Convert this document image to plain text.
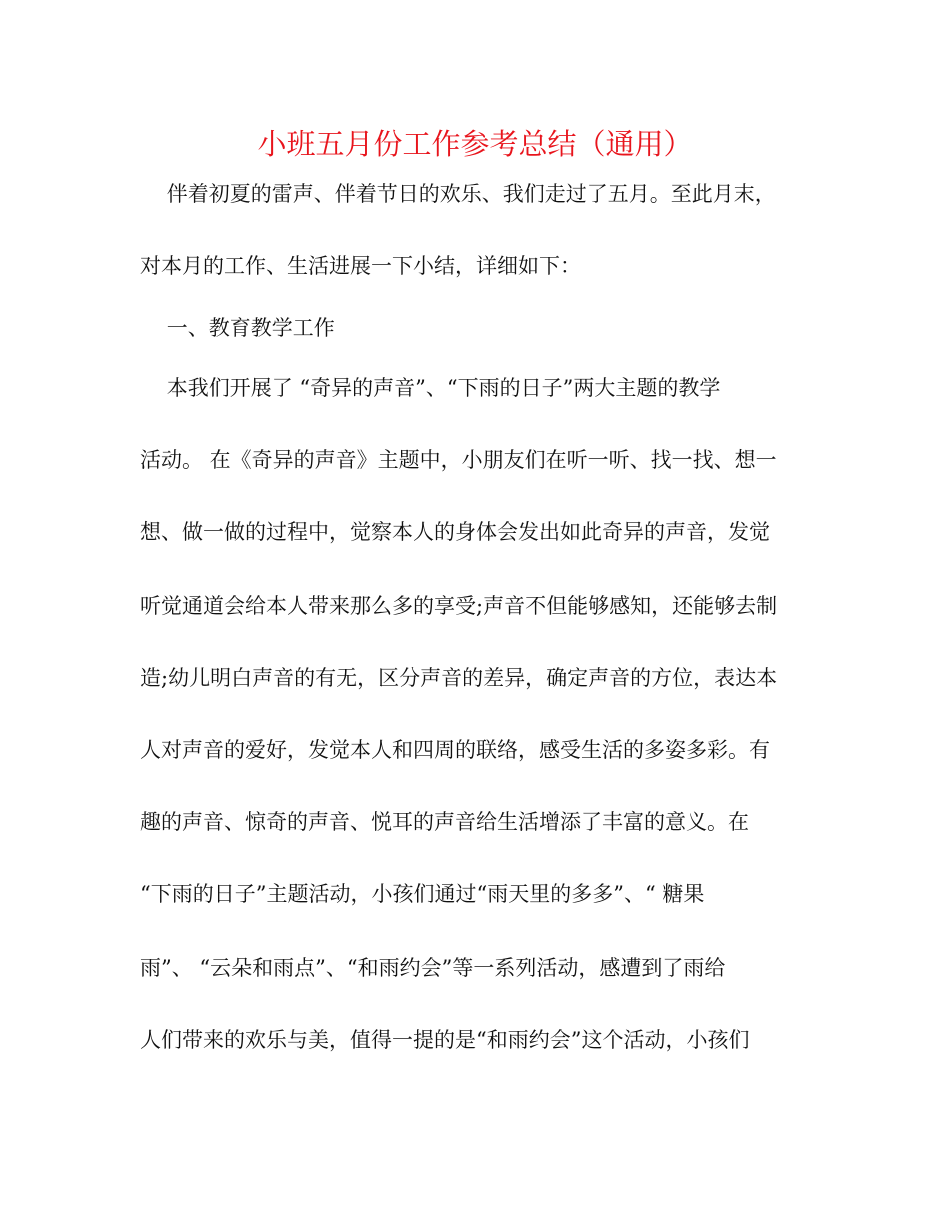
小班五月份工作参考总结（通用）
伴着初夏的雷声、伴着节日的欢乐、我们走过了五月。至此月末，
对本月的工作、生活进展一下小结，详细如下：
一、教育教学工作
本我们开展了 “奇异的声音”、“下雨的日子”两大主题的教学
活动。 在《奇异的声音》主题中，小朋友们在听一听、找一找、想一
想、做一做的过程中，觉察本人的身体会发出如此奇异的声音，发觉
听觉通道会给本人带来那么多的享受;声音不但能够感知，还能够去制
造;幼儿明白声音的有无，区分声音的差异，确定声音的方位，表达本
人对声音的爱好，发觉本人和四周的联络，感受生活的多姿多彩。有
趣的声音、惊奇的声音、悦耳的声音给生活增添了丰富的意义。在
“下雨的日子”主题活动，小孩们通过“雨天里的多多”、“ 糖果
雨”、 “云朵和雨点”、“和雨约会”等一系列活动，感遭到了雨给
人们带来的欢乐与美，值得一提的是“和雨约会”这个活动，小孩们
